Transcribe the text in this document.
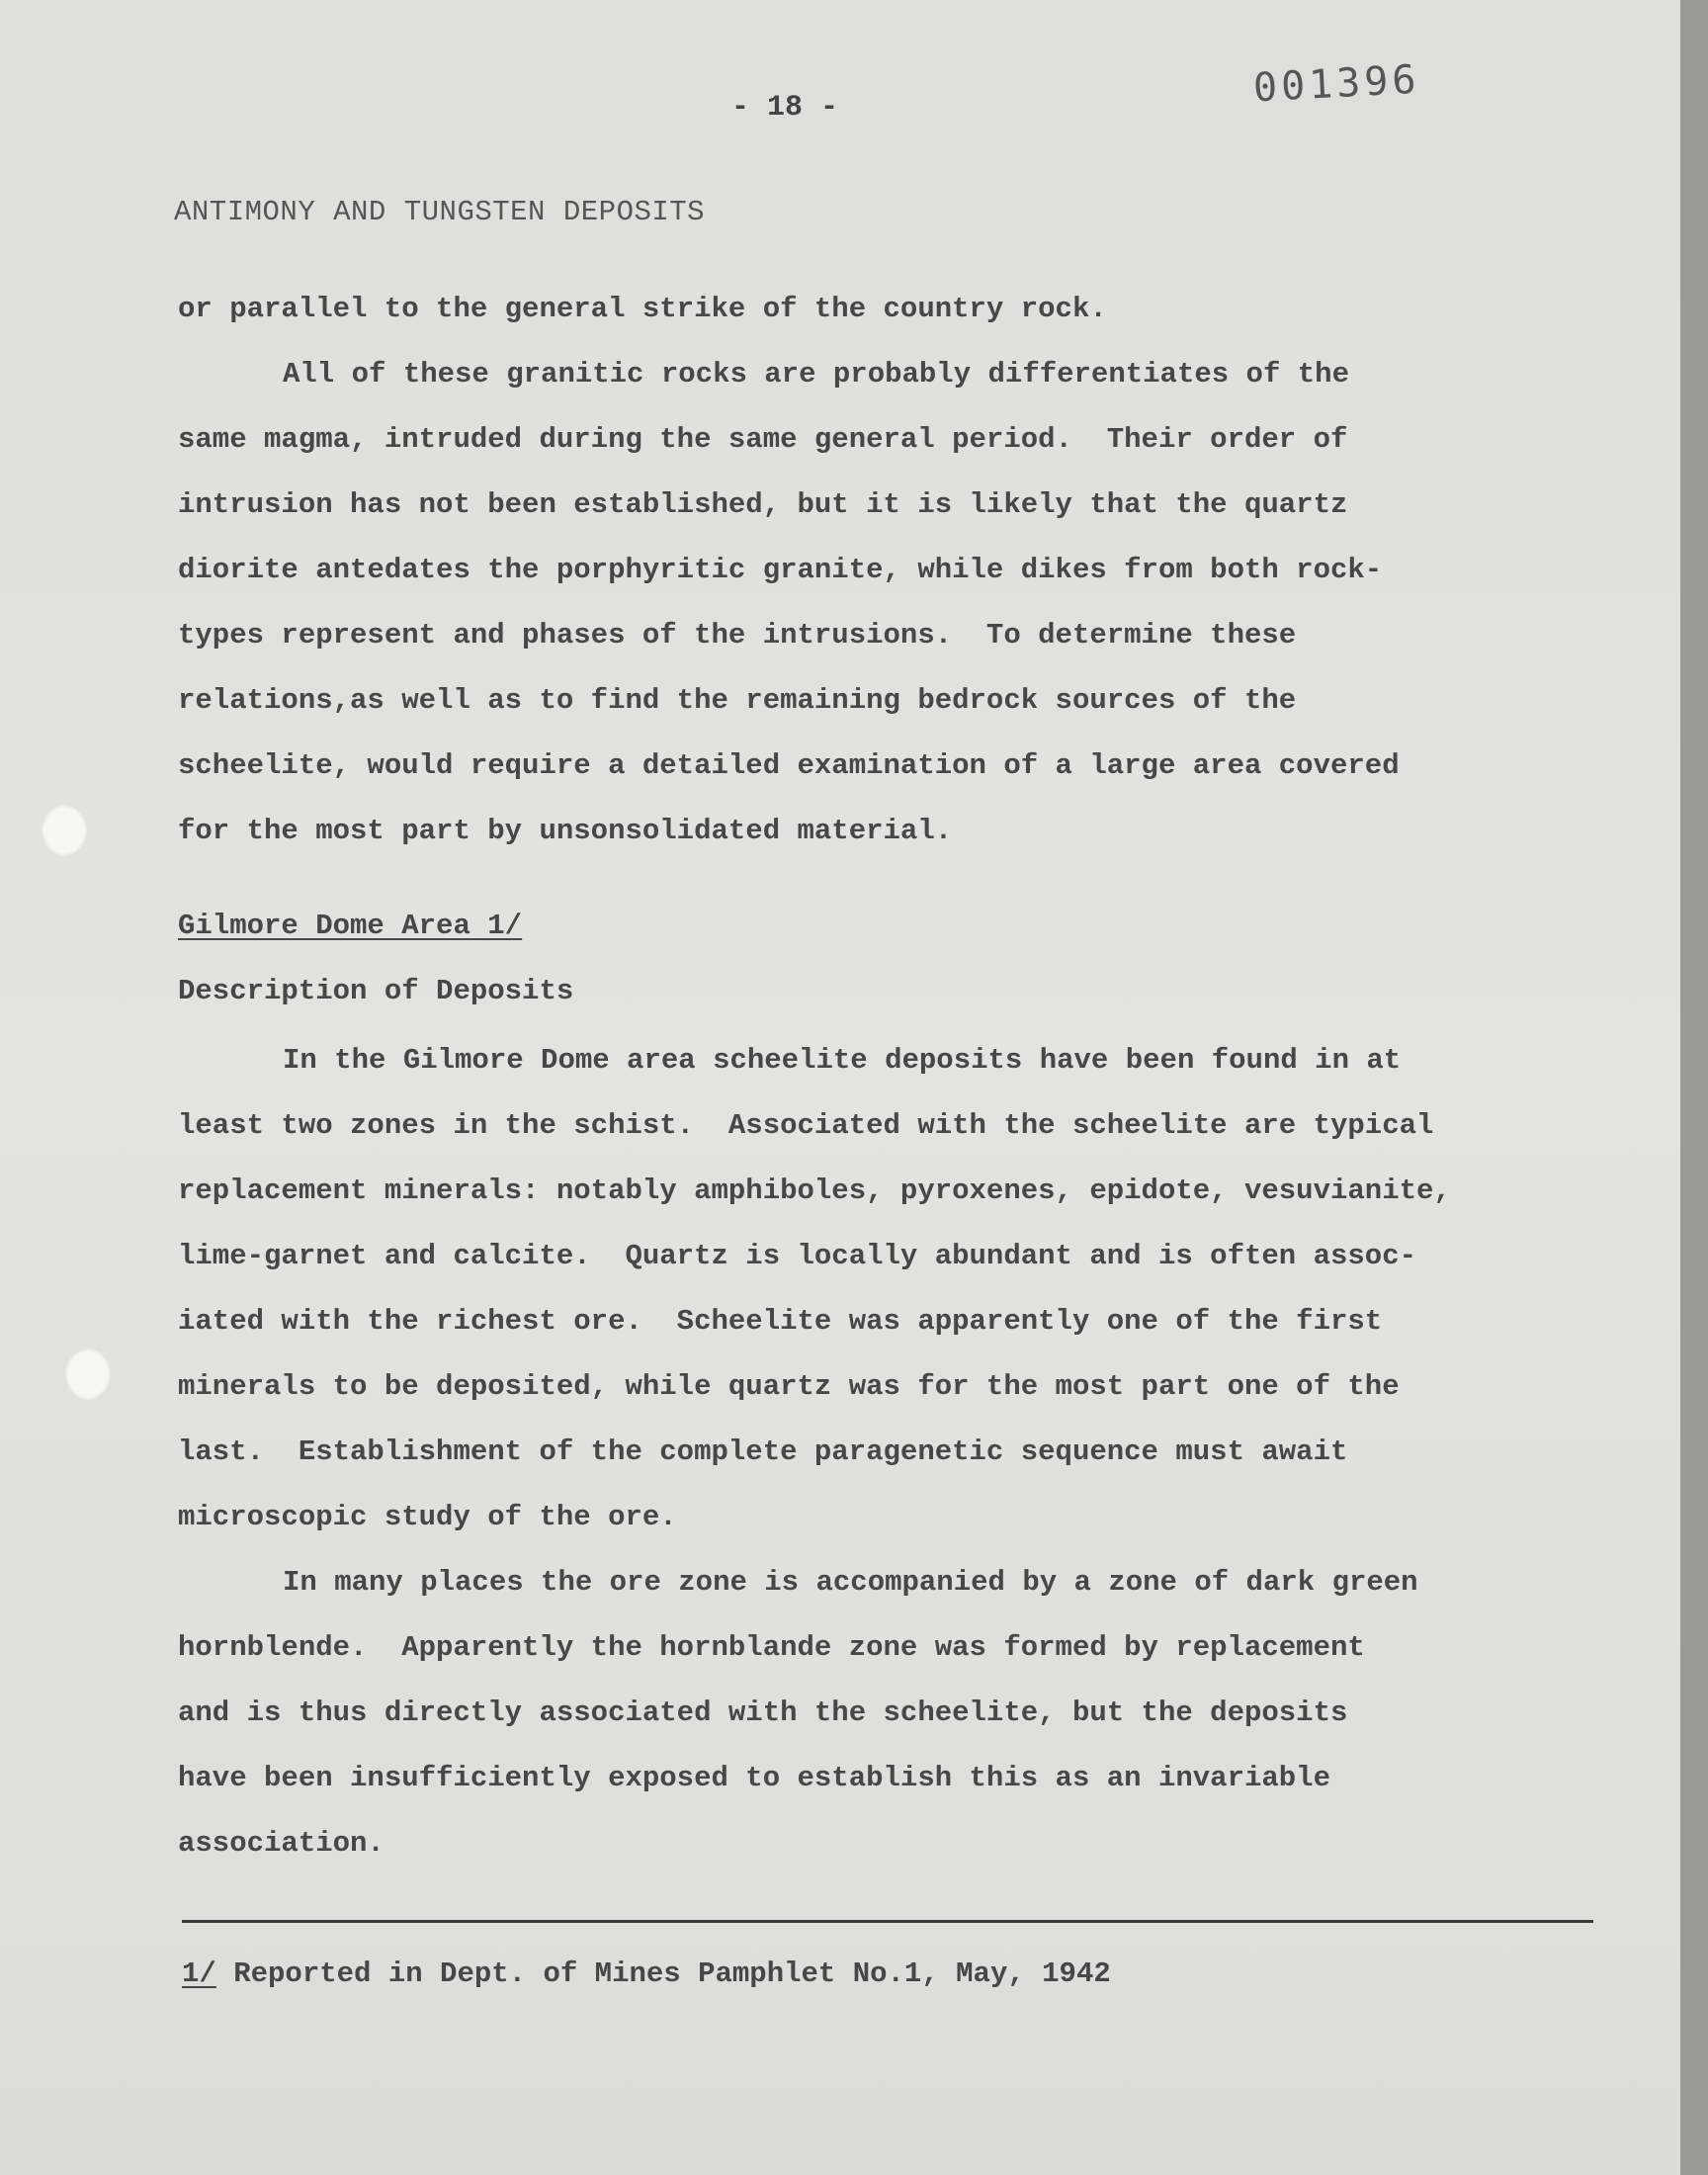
001396
- 18 -
ANTIMONY AND TUNGSTEN DEPOSITS
or parallel to the general strike of the country rock.
All of these granitic rocks are probably differentiates of the
same magma, intruded during the same general period.  Their order of
intrusion has not been established, but it is likely that the quartz
diorite antedates the porphyritic granite, while dikes from both rock-
types represent and phases of the intrusions.  To determine these
relations,as well as to find the remaining bedrock sources of the
scheelite, would require a detailed examination of a large area covered
for the most part by unsonsolidated material.
Gilmore Dome Area 1/
Description of Deposits
In the Gilmore Dome area scheelite deposits have been found in at
least two zones in the schist.  Associated with the scheelite are typical
replacement minerals: notably amphiboles, pyroxenes, epidote, vesuvianite,
lime-garnet and calcite.  Quartz is locally abundant and is often assoc-
iated with the richest ore.  Scheelite was apparently one of the first
minerals to be deposited, while quartz was for the most part one of the
last.  Establishment of the complete paragenetic sequence must await
microscopic study of the ore.
In many places the ore zone is accompanied by a zone of dark green
hornblende.  Apparently the hornblande zone was formed by replacement
and is thus directly associated with the scheelite, but the deposits
have been insufficiently exposed to establish this as an invariable
association.
1/ Reported in Dept. of Mines Pamphlet No.1, May, 1942
